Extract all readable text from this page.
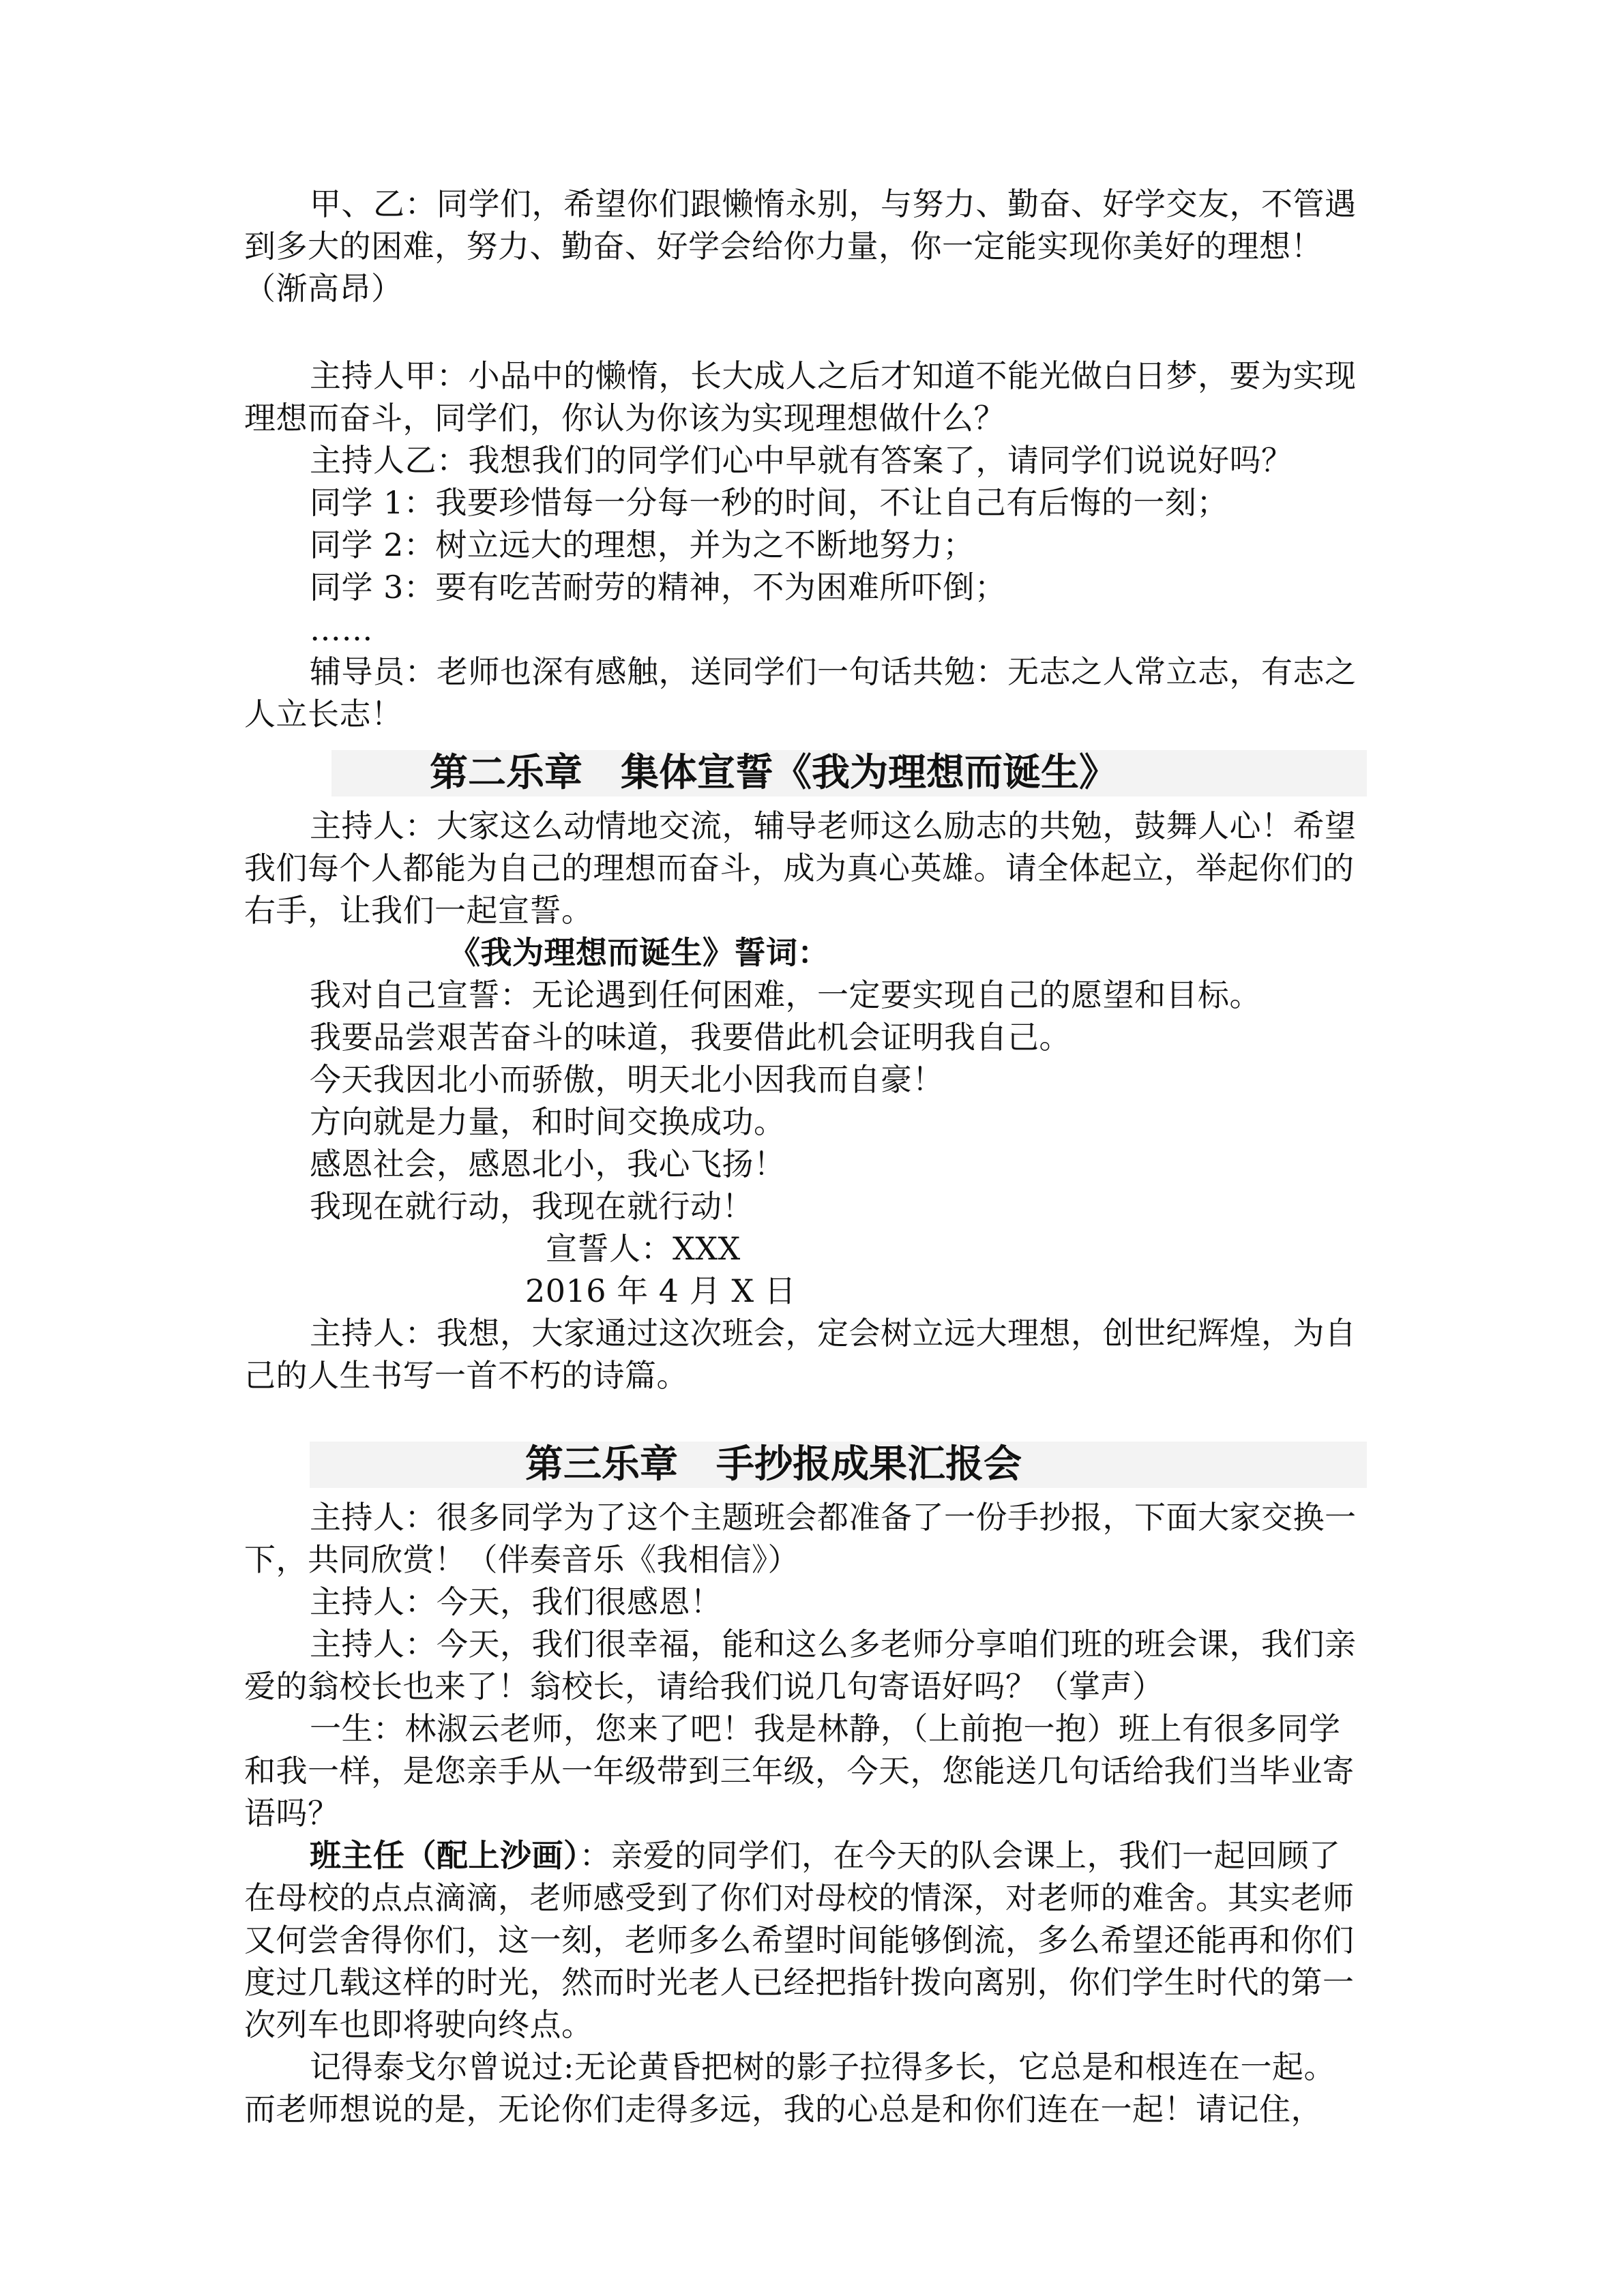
甲、乙：同学们，希望你们跟懒惰永别，与努力、勤奋、好学交友，不管遇到多大的困难，努力、勤奋、好学会给你力量，你一定能实现你美好的理想！（渐高昂）

主持人甲：小品中的懒惰，长大成人之后才知道不能光做白日梦，要为实现理想而奋斗，同学们，你认为你该为实现理想做什么？

主持人乙：我想我们的同学们心中早就有答案了，请同学们说说好吗？

同学 1：我要珍惜每一分每一秒的时间，不让自己有后悔的一刻；

同学 2：树立远大的理想，并为之不断地努力；

同学 3：要有吃苦耐劳的精神，不为困难所吓倒；

……

辅导员：老师也深有感触，送同学们一句话共勉：无志之人常立志，有志之人立长志！

第二乐章　集体宣誓《我为理想而诞生》

主持人：大家这么动情地交流，辅导老师这么励志的共勉，鼓舞人心！希望我们每个人都能为自己的理想而奋斗，成为真心英雄。请全体起立，举起你们的右手，让我们一起宣誓。

《我为理想而诞生》誓词：

我对自己宣誓：无论遇到任何困难，一定要实现自己的愿望和目标。

我要品尝艰苦奋斗的味道，我要借此机会证明我自己。

今天我因北小而骄傲，明天北小因我而自豪！

方向就是力量，和时间交换成功。

感恩社会，感恩北小，我心飞扬！

我现在就行动，我现在就行动！

宣誓人：XXX

2016 年 4 月 X 日

主持人：我想，大家通过这次班会，定会树立远大理想，创世纪辉煌，为自己的人生书写一首不朽的诗篇。

第三乐章　手抄报成果汇报会

主持人：很多同学为了这个主题班会都准备了一份手抄报，下面大家交换一下，共同欣赏！（伴奏音乐《我相信》）

主持人：今天，我们很感恩！

主持人：今天，我们很幸福，能和这么多老师分享咱们班的班会课，我们亲爱的翁校长也来了！翁校长，请给我们说几句寄语好吗？（掌声）

一生：林淑云老师，您来了吧！我是林静，（上前抱一抱）班上有很多同学和我一样，是您亲手从一年级带到三年级，今天，您能送几句话给我们当毕业寄语吗？

班主任（配上沙画）：亲爱的同学们，在今天的队会课上，我们一起回顾了在母校的点点滴滴，老师感受到了你们对母校的情深，对老师的难舍。其实老师又何尝舍得你们，这一刻，老师多么希望时间能够倒流，多么希望还能再和你们度过几载这样的时光，然而时光老人已经把指针拨向离别，你们学生时代的第一次列车也即将驶向终点。

记得泰戈尔曾说过:无论黄昏把树的影子拉得多长，它总是和根连在一起。而老师想说的是，无论你们走得多远，我的心总是和你们连在一起！请记住，
